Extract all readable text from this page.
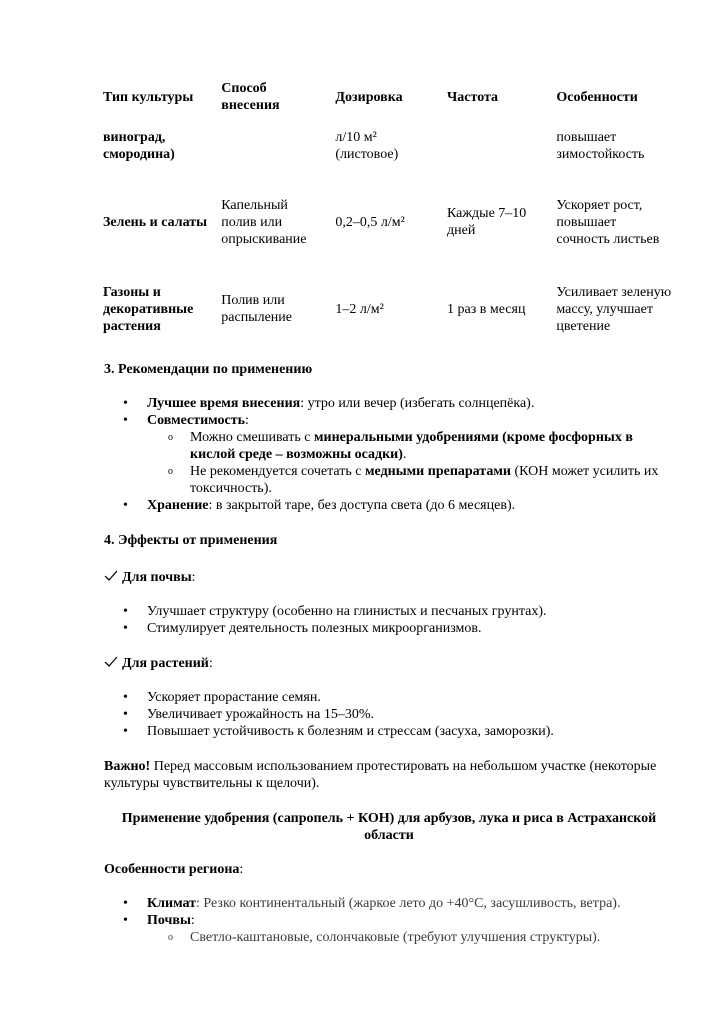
Тип культуры	Способ внесения	Дозировка	Частота	Особенности
виноград, смородина)		л/10 м² (листовое)		повышает зимостойкость
Зелень и салаты	Капельный полив или опрыскивание	0,2–0,5 л/м²	Каждые 7–10 дней	Ускоряет рост, повышает сочность листьев
Газоны и декоративные растения	Полив или распыление	1–2 л/м²	1 раз в месяц	Усиливает зеленую массу, улучшает цветение
3. Рекомендации по применению
• Лучшее время внесения: утро или вечер (избегать солнцепёка).
• Совместимость:
o Можно смешивать с минеральными удобрениями (кроме фосфорных в кислой среде – возможны осадки).
o Не рекомендуется сочетать с медными препаратами (КОН может усилить их токсичность).
• Хранение: в закрытой таре, без доступа света (до 6 месяцев).
4. Эффекты от применения
Для почвы:
• Улучшает структуру (особенно на глинистых и песчаных грунтах).
• Стимулирует деятельность полезных микроорганизмов.
Для растений:
• Ускоряет прорастание семян.
• Увеличивает урожайность на 15–30%.
• Повышает устойчивость к болезням и стрессам (засуха, заморозки).
Важно! Перед массовым использованием протестировать на небольшом участке (некоторые культуры чувствительны к щелочи).
Применение удобрения (сапропель + КОН) для арбузов, лука и риса в Астраханской области
Особенности региона:
• Климат: Резко континентальный (жаркое лето до +40°C, засушливость, ветра).
• Почвы:
o Светло-каштановые, солончаковые (требуют улучшения структуры).
